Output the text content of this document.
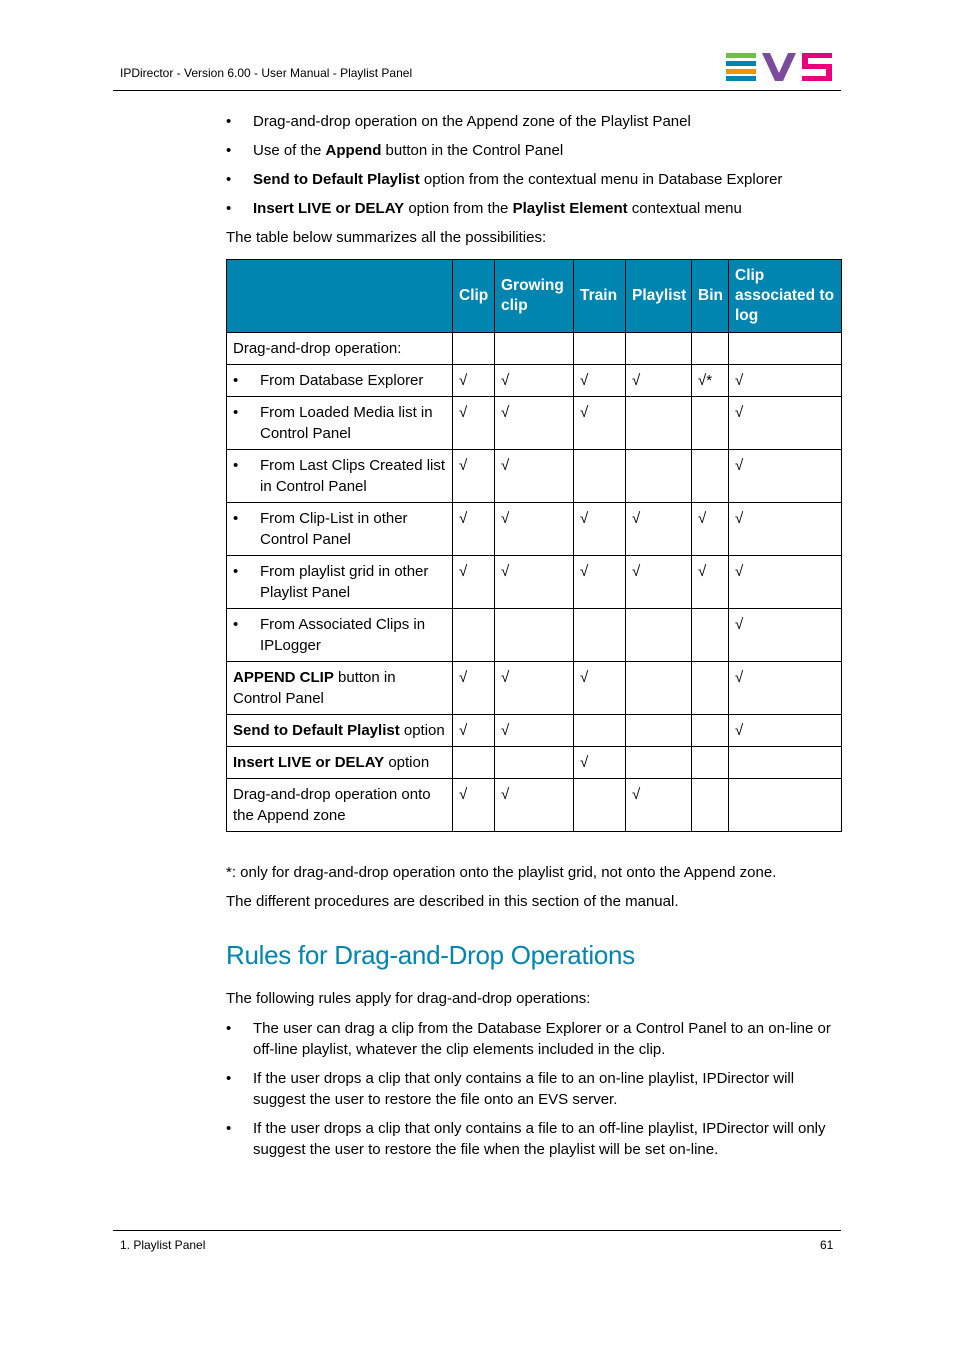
IPDirector - Version 6.00 - User Manual - Playlist Panel
• Drag-and-drop operation on the Append zone of the Playlist Panel
• Use of the Append button in the Control Panel
• Send to Default Playlist option from the contextual menu in Database Explorer
• Insert LIVE or DELAY option from the Playlist Element contextual menu
The table below summarizes all the possibilities:
	Clip	Growing clip	Train	Playlist	Bin	Clip associated to log
Drag-and-drop operation:						

• From Database Explorer	√	√	√	√	√*	√

• From Loaded Media list in Control Panel	√	√	√			√

• From Last Clips Created list in Control Panel	√	√				√

• From Clip-List in other Control Panel	√	√	√	√	√	√

• From playlist grid in other Playlist Panel	√	√	√	√	√	√

• From Associated Clips in IPLogger						√
APPEND CLIP button in Control Panel	√	√	√			√
Send to Default Playlist option	√	√				√
Insert LIVE or DELAY option			√			
Drag-and-drop operation onto the Append zone	√	√		√		
*: only for drag-and-drop operation onto the playlist grid, not onto the Append zone.
The different procedures are described in this section of the manual.
Rules for Drag-and-Drop Operations
The following rules apply for drag-and-drop operations:
• The user can drag a clip from the Database Explorer or a Control Panel to an on-line or off-line playlist, whatever the clip elements included in the clip.
• If the user drops a clip that only contains a file to an on-line playlist, IPDirector will suggest the user to restore the file onto an EVS server.
• If the user drops a clip that only contains a file to an off-line playlist, IPDirector will only suggest the user to restore the file when the playlist will be set on-line.
1. Playlist Panel	61
